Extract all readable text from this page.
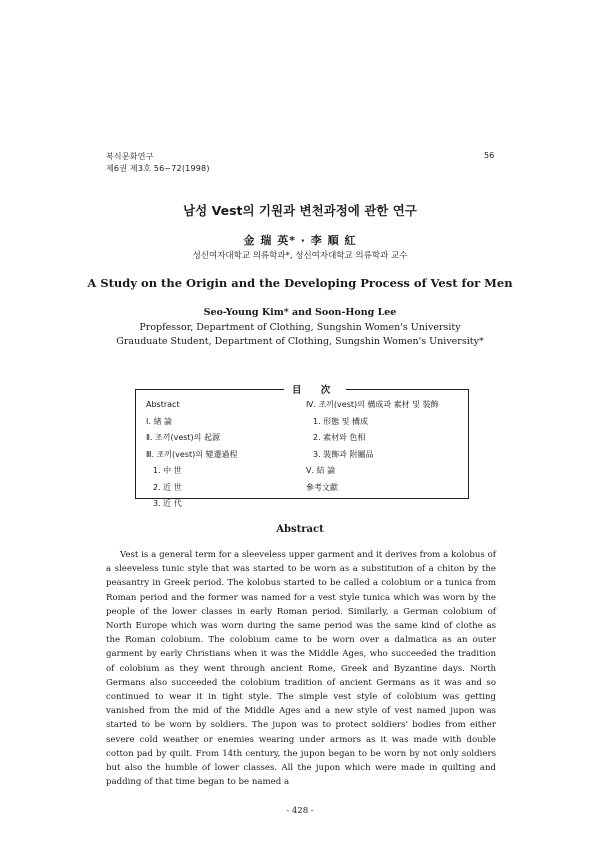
복식문화연구
제6권 제3호 56~72(1998)
56
남성 Vest의 기원과 변천과정에 관한 연구
金 瑞 英* · 李 順 紅
성신여자대학교 의류학과*, 성신여자대학교 의류학과 교수
A Study on the Origin and the Developing Process of Vest for Men
Seo-Young Kim* and Soon-Hong Lee
Propfessor, Department of Clothing, Sungshin Women's University
Grauduate Student, Department of Clothing, Sungshin Women's University*
目 次
Abstract
Ⅰ. 緖 論
Ⅱ. 조끼(vest)의 起源
Ⅲ. 조끼(vest)의 變遷過程
1. 中 世
2. 近 世
3. 近 代
Ⅳ. 조끼(vest)의 構成과 素材 및 裝飾
1. 形態 및 構成
2. 素材와 色相
3. 裝飾과 附屬品
Ⅴ. 結 論
參考文獻
Abstract

Vest is a general term for a sleeveless upper garment and it derives from a kolobus of a sleeveless tunic style that was started to be worn as a substitution of a chiton by the peasantry in Greek period. The kolobus started to be called a colobium or a tunica from Roman period and the former was named for a vest style tunica which was worn by the people of the lower classes in early Roman period. Similarly, a German colobium of North Europe which was worn during the same period was the same kind of clothe as the Roman colobium. The colobium came to be worn over a dalmatica as an outer garment by early Christians when it was the Middle Ages, who succeeded the tradition of colobium as they went through ancient Rome, Greek and Byzantine days. North Germans also succeeded the colobium tradition of ancient Germans as it was and so continued to wear it in tight style. The simple vest style of colobium was getting vanished from the mid of the Middle Ages and a new style of vest named jupon was started to be worn by soldiers. The jupon was to protect soldiers' bodies from either severe cold weather or enemies wearing under armors as it was made with double cotton pad by quilt. From 14th century, the jupon began to be worn by not only soldiers but also the humble of lower classes. All the jupon which were made in quilting and padding of that time began to be named a

- 428 -
